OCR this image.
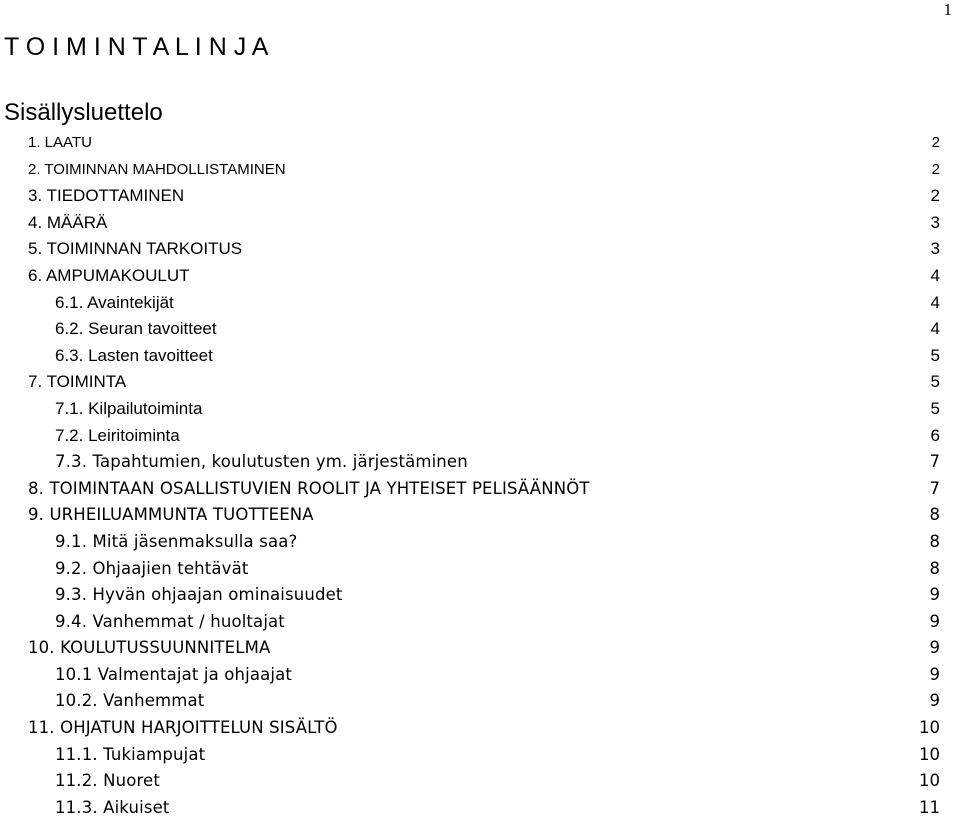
1
T O I M I N T A L I N J A
Sisällysluettelo
1. LAATU	2
2. TOIMINNAN MAHDOLLISTAMINEN	2
3. TIEDOTTAMINEN	2
4. MÄÄRÄ	3
5. TOIMINNAN TARKOITUS	3
6. AMPUMAKOULUT	4
6.1. Avaintekijät	4
6.2. Seuran tavoitteet	4
6.3. Lasten tavoitteet	5
7. TOIMINTA	5
7.1. Kilpailutoiminta	5
7.2. Leiritoiminta	6
7.3. Tapahtumien, koulutusten ym. järjestäminen	7
8. TOIMINTAAN OSALLISTUVIEN ROOLIT JA YHTEISET PELISÄÄNNÖT	7
9. URHEILUAMMUNTA TUOTTEENA	8
9.1. Mitä jäsenmaksulla saa?	8
9.2. Ohjaajien tehtävät	8
9.3. Hyvän ohjaajan ominaisuudet	9
9.4. Vanhemmat / huoltajat	9
10. KOULUTUSSUUNNITELMA	9
10.1 Valmentajat ja ohjaajat	9
10.2. Vanhemmat	9
11. OHJATUN HARJOITTELUN SISÄLTÖ	10
11.1. Tukiampujat	10
11.2. Nuoret	10
11.3. Aikuiset	11
